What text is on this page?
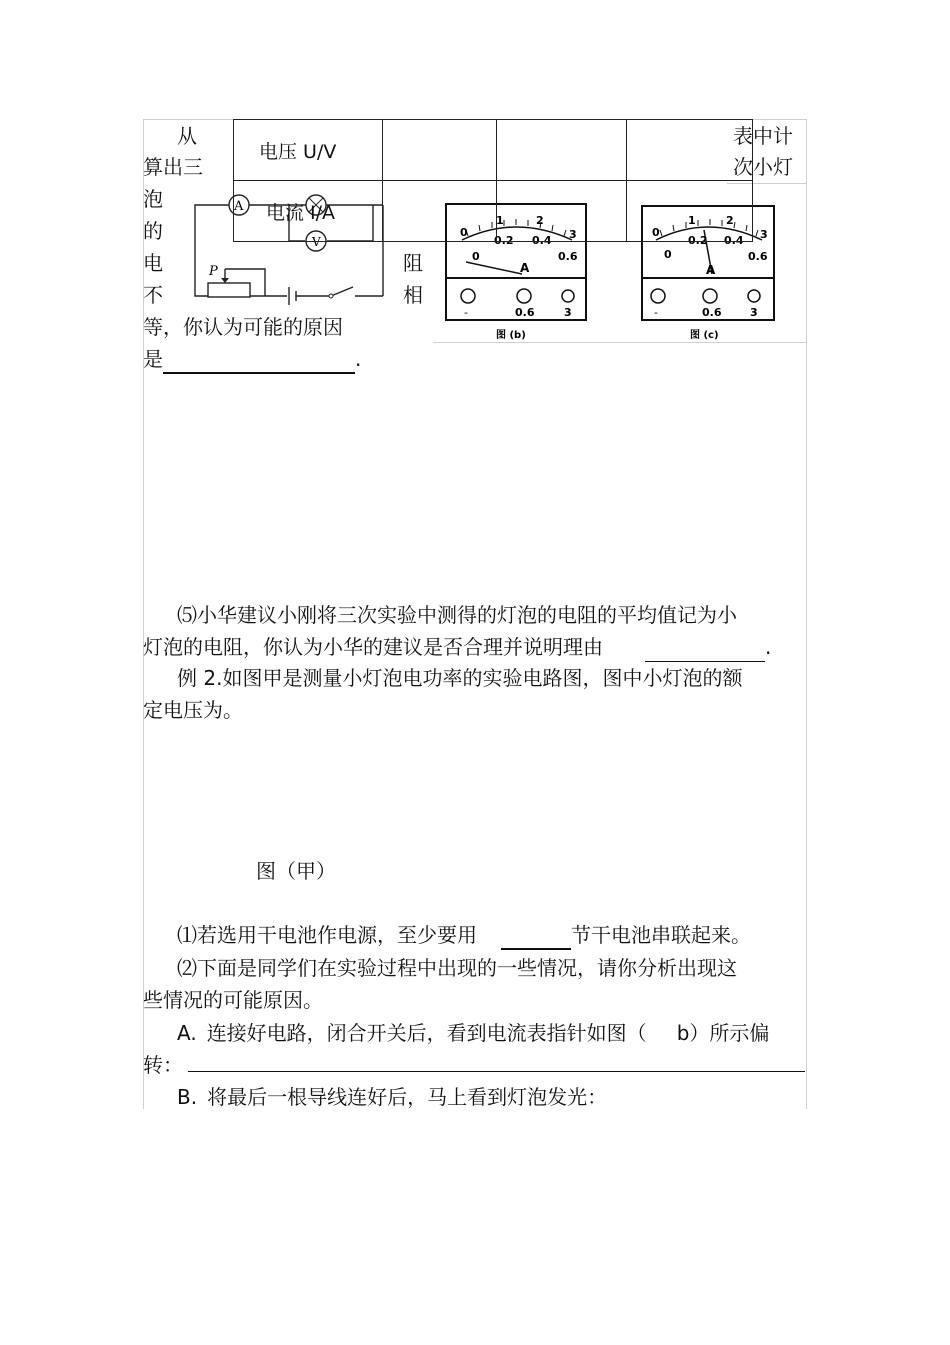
从
算出三
泡
的
电
不
等，你认为可能的原因
是	.
表中计
次小灯
阻
相
A
V
P
0
1	2
3
0
0.2 0.4
0.6
A
-	0.6	3
图 (b)
0
1	2
3
0
0.2 0.4
0.6
A
-	0.6	3
图 (c)
电压 U/V			
电流 I/A			
⑸小华建议小刚将三次实验中测得的灯泡的电阻的平均值记为小
灯泡的电阻，你认为小华的建议是否合理并说明理由	.
例 2.如图甲是测量小灯泡电功率的实验电路图，图中小灯泡的额
定电压为。
图（甲）
⑴若选用干电池作电源，至少要用	节干电池串联起来。
⑵下面是同学们在实验过程中出现的一些情况，请你分析出现这
些情况的可能原因。
A. 连接好电路，闭合开关后，看到电流表指针如图（ b）所示偏
转：
B. 将最后一根导线连好后，马上看到灯泡发光：
